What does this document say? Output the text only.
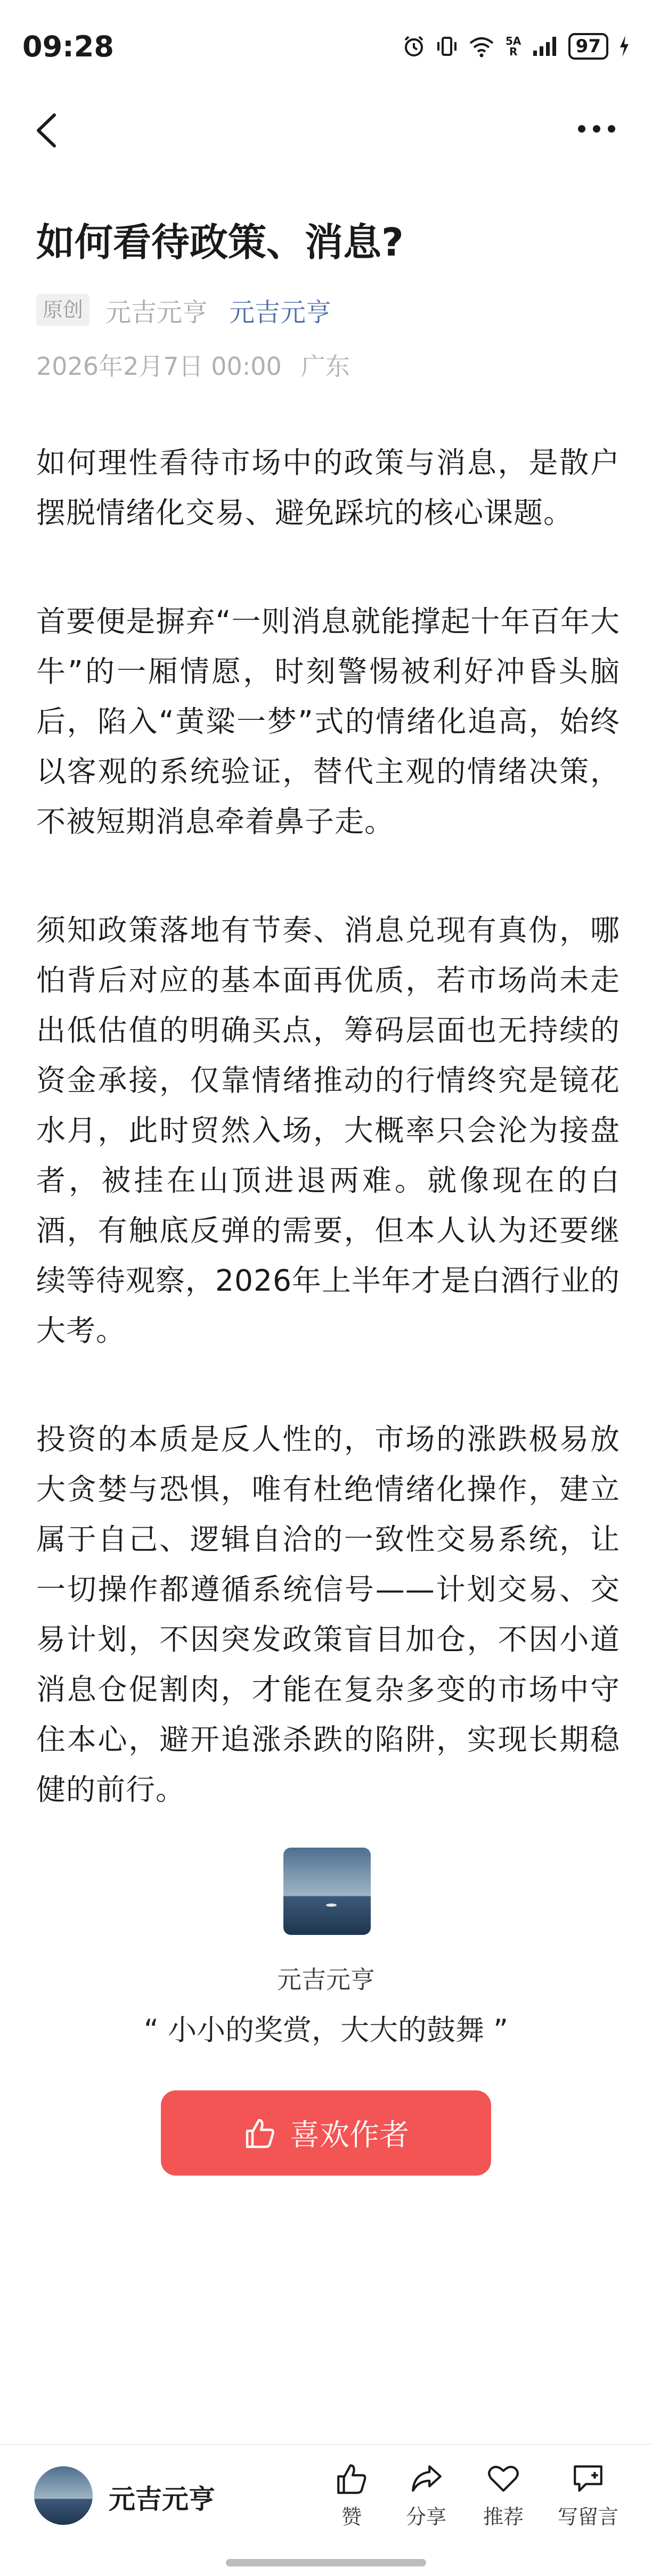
09:28	5A
R	97
如何看待政策、消息?
原创 元吉元亨 元吉元亨
2026年2月7日 00:00 广东

如何理性看待市场中的政策与消息，是散户摆脱情绪化交易、避免踩坑的核心课题。

首要便是摒弃“一则消息就能撑起十年百年大牛”的一厢情愿，时刻警惕被利好冲昏头脑后，陷入“黄粱一梦”式的情绪化追高，始终以客观的系统验证，替代主观的情绪决策，不被短期消息牵着鼻子走。

须知政策落地有节奏、消息兑现有真伪，哪怕背后对应的基本面再优质，若市场尚未走出低估值的明确买点，筹码层面也无持续的资金承接，仅靠情绪推动的行情终究是镜花水月，此时贸然入场，大概率只会沦为接盘者，被挂在山顶进退两难。就像现在的白酒，有触底反弹的需要，但本人认为还要继续等待观察，2026年上半年才是白酒行业的大考。

投资的本质是反人性的，市场的涨跌极易放大贪婪与恐惧，唯有杜绝情绪化操作，建立属于自己、逻辑自洽的一致性交易系统，让一切操作都遵循系统信号——计划交易、交易计划，不因突发政策盲目加仓，不因小道消息仓促割肉，才能在复杂多变的市场中守住本心，避开追涨杀跌的陷阱，实现长期稳健的前行。

元吉元亨
“ 小小的奖赏，大大的鼓舞 ”
喜欢作者
元吉元亨
赞 分享 推荐 写留言
